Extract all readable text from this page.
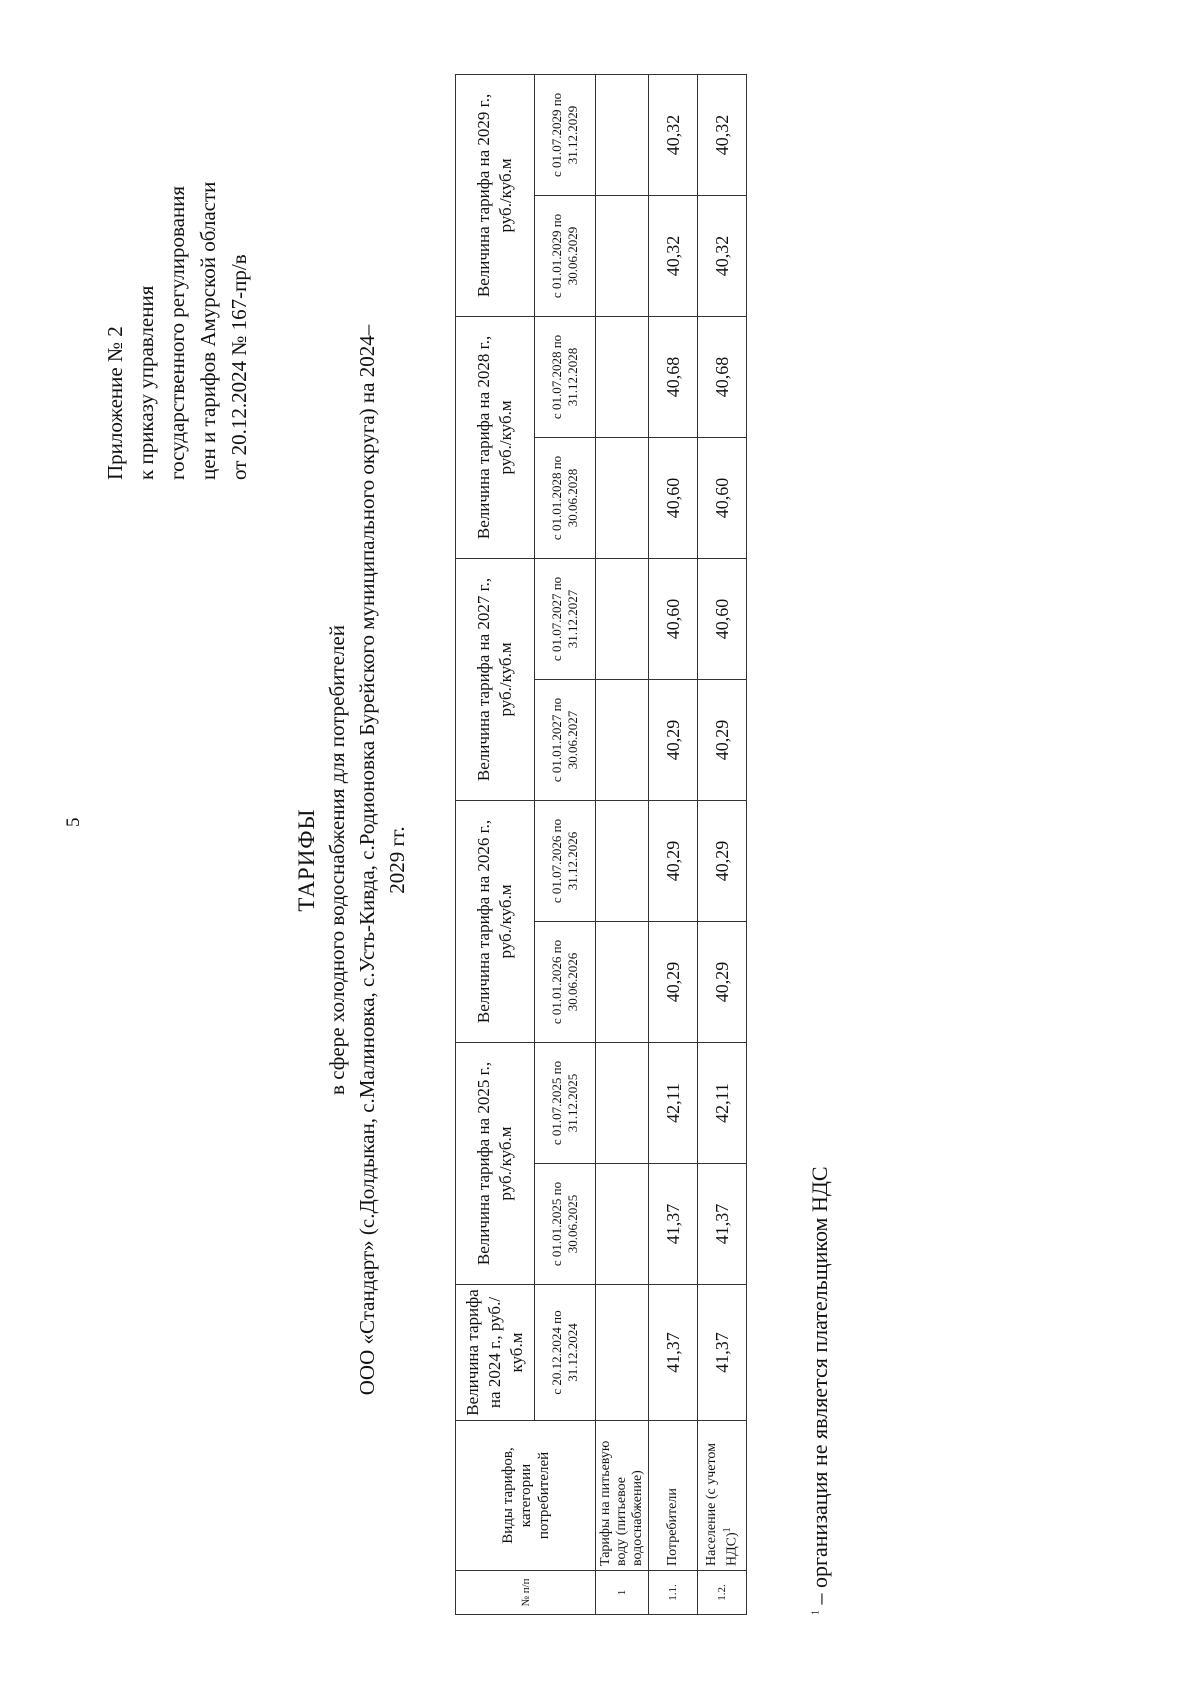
5
Приложение № 2 к приказу управления государственного регулирования цен и тарифов Амурской области от 20.12.2024 № 167-пр/в
ТАРИФЫ в сфере холодного водоснабжения для потребителей ООО «Стандарт» (с.Долдыкан, с.Малиновка, с.Усть-Кивда, с.Родионовка Бурейского муниципального округа) на 2024– 2029 гг.
№ п/п	Виды тарифов, категории потребителей	Величина тарифа на 2024 г., руб./куб.м	Величина тарифа на 2025 г., руб./куб.м		Величина тарифа на 2026 г., руб./куб.м		Величина тарифа на 2027 г., руб./куб.м		Величина тарифа на 2028 г., руб./куб.м		Величина тарифа на 2029 г., руб./куб.м	
		с 20.12.2024 по 31.12.2024	с 01.01.2025 по 30.06.2025	с 01.07.2025 по 31.12.2025	с 01.01.2026 по 30.06.2026	с 01.07.2026 по 31.12.2026	с 01.01.2027 по 30.06.2027	с 01.07.2027 по 31.12.2027	с 01.01.2028 по 30.06.2028	с 01.07.2028 по 31.12.2028	с 01.01.2029 по 30.06.2029	с 01.07.2029 по 31.12.2029
1	Тарифы на питьевую воду (питьевое водоснабжение)											
1.1.	Потребители	41,37	41,37	42,11	40,29	40,29	40,29	40,60	40,60	40,68	40,32	40,32
1.2.	Население (с учетом НДС)$^1$	41,37	41,37	42,11	40,29	40,29	40,29	40,60	40,60	40,68	40,32	40,32
$^1$ – организация не является плательщиком НДС
